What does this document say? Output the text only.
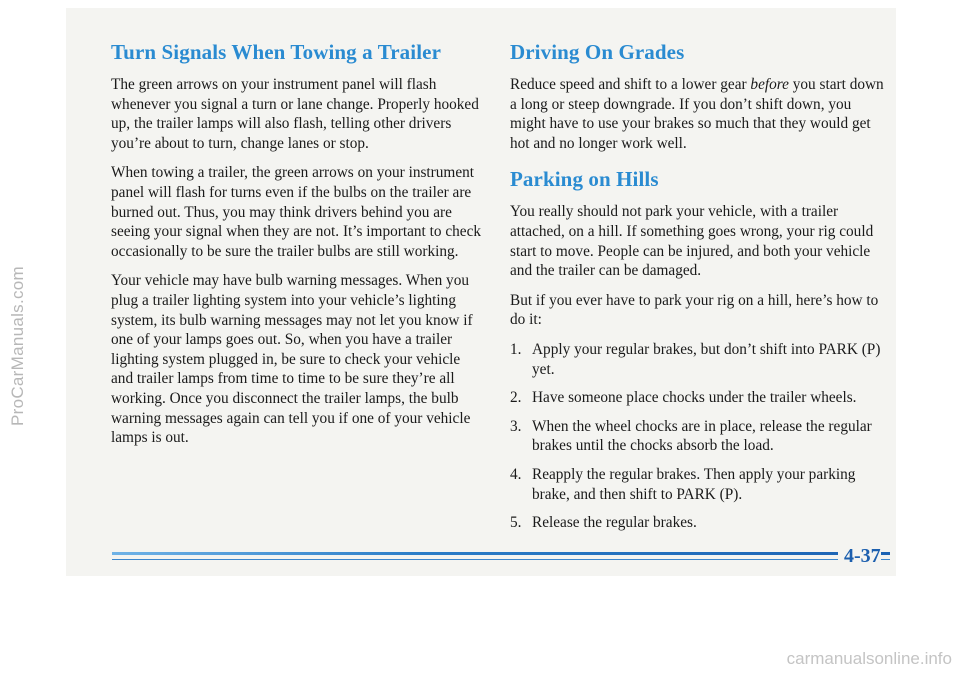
ProCarManuals.com
Turn Signals When Towing a Trailer

The green arrows on your instrument panel will flash whenever you signal a turn or lane change. Properly hooked up, the trailer lamps will also flash, telling other drivers you’re about to turn, change lanes or stop.

When towing a trailer, the green arrows on your instrument panel will flash for turns even if the bulbs on the trailer are burned out. Thus, you may think drivers behind you are seeing your signal when they are not. It’s important to check occasionally to be sure the trailer bulbs are still working.

Your vehicle may have bulb warning messages. When you plug a trailer lighting system into your vehicle’s lighting system, its bulb warning messages may not let you know if one of your lamps goes out. So, when you have a trailer lighting system plugged in, be sure to check your vehicle and trailer lamps from time to time to be sure they’re all working. Once you disconnect the trailer lamps, the bulb warning messages again can tell you if one of your vehicle lamps is out.

Driving On Grades

Reduce speed and shift to a lower gear before you start down a long or steep downgrade. If you don’t shift down, you might have to use your brakes so much that they would get hot and no longer work well.

Parking on Hills

You really should not park your vehicle, with a trailer attached, on a hill. If something goes wrong, your rig could start to move. People can be injured, and both your vehicle and the trailer can be damaged.

But if you ever have to park your rig on a hill, here’s how to do it:

1. Apply your regular brakes, but don’t shift into PARK (P) yet.
2. Have someone place chocks under the trailer wheels.
3. When the wheel chocks are in place, release the regular brakes until the chocks absorb the load.
4. Reapply the regular brakes. Then apply your parking brake, and then shift to PARK (P).
5. Release the regular brakes.
4-37
carmanualsonline.info
